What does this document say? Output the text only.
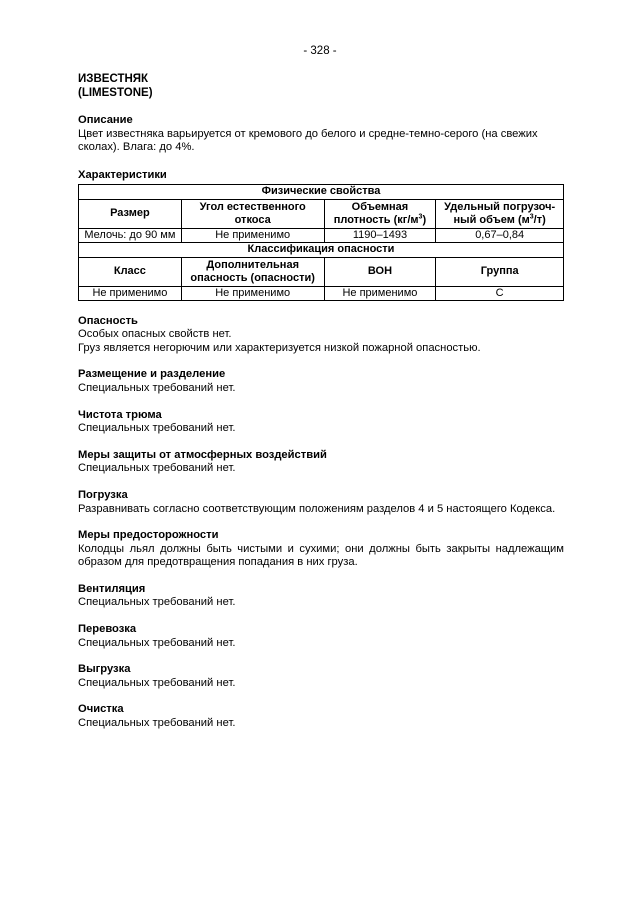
- 328 -

ИЗВЕСТНЯК

(LIMESTONE)

Описание

Цвет известняка варьируется от кремового до белого и средне-темно-серого (на свежих сколах). Влага: до 4%.

Характеристики

Физические свойства			
Размер	Угол естественного откоса	Объемная плотность $(кг/м^3)$	Удельный погрузоч-ный объем $(м^3/т)$
Мелочь: до 90 мм	Не применимо	1190–1493	0,67–0,84
Классификация опасности			
Класс	Дополнительная опасность (опасности)	ВОН	Группа
Не применимо	Не применимо	Не применимо	C

Опасность

Особых опасных свойств нет.

Груз является негорючим или характеризуется низкой пожарной опасностью.

Размещение и разделение

Специальных требований нет.

Чистота трюма

Специальных требований нет.

Меры защиты от атмосферных воздействий

Специальных требований нет.

Погрузка

Разравнивать согласно соответствующим положениям разделов 4 и 5 настоящего Кодекса.

Меры предосторожности

Колодцы льял должны быть чистыми и сухими; они должны быть закрыты надлежащим образом для предотвращения попадания в них груза.

Вентиляция

Специальных требований нет.

Перевозка

Специальных требований нет.

Выгрузка

Специальных требований нет.

Очистка

Специальных требований нет.
